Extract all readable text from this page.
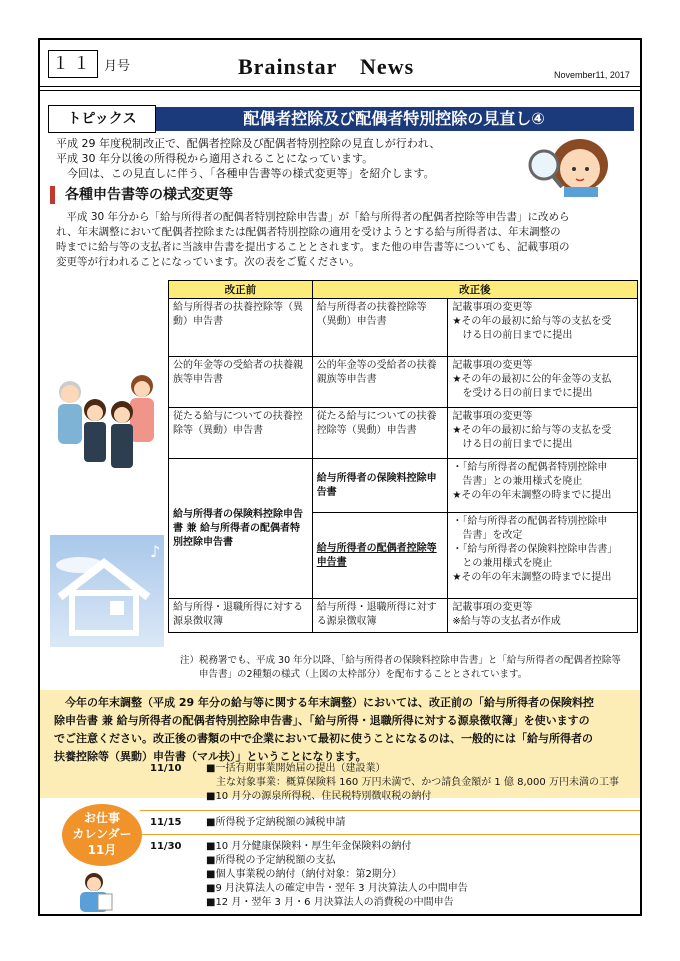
１１ 月号	Brainstar　News	November11, 2017
トピックス	配偶者控除及び配偶者特別控除の見直し④

平成 29 年度税制改正で、配偶者控除及び配偶者特別控除の見直しが行われ、

平成 30 年分以後の所得税から適用されることになっています。

　今回は、この見直しに伴う、「各種申告書等の様式変更等」を紹介します。

各種申告書等の様式変更等

　平成 30 年分から「給与所得者の配偶者特別控除申告書」が「給与所得者の配偶者控除等申告書」に改めら

れ、年末調整において配偶者控除または配偶者特別控除の適用を受けようとする給与所得者は、年末調整の

時までに給与等の支払者に当該申告書を提出することとされます。また他の申告書等についても、記載事項の

変更等が行われることになっています。次の表をご覧ください。

♪
改正前	改正後	
給与所得者の扶養控除等（異動）申告書	給与所得者の扶養控除等（異動）申告書	記載事項の変更等
★その年の最初に給与等の支払を受
　ける日の前日までに提出

公的年金等の受給者の扶養親族等申告書	公的年金等の受給者の扶養親族等申告書	記載事項の変更等
★その年の最初に公的年金等の支払
　を受ける日の前日までに提出

従たる給与についての扶養控除等（異動）申告書	従たる給与についての扶養控除等（異動）申告書	記載事項の変更等
★その年の最初に給与等の支払を受
　ける日の前日までに提出

給与所得者の保険料控除申告書 兼 給与所得者の配偶者特別控除申告書	給与所得者の保険料控除申告書	・「給与所得者の配偶者特別控除申
　告書」との兼用様式を廃止
★その年の年末調整の時までに提出

	給与所得者の配偶者控除等申告書	・「給与所得者の配偶者特別控除申
　告書」を改定
・「給与所得者の保険料控除申告書」
　との兼用様式を廃止
★その年の年末調整の時までに提出

給与所得・退職所得に対する源泉徴収簿	給与所得・退職所得に対する源泉徴収簿	記載事項の変更等
※給与等の支払者が作成

注）税務署でも、平成 30 年分以降、「給与所得者の保険料控除申告書」と「給与所得者の配偶者控除等

　　申告書」の2種類の様式（上図の太枠部分）を配布することとされています。

　今年の年末調整（平成 29 年分の給与等に関する年末調整）においては、改正前の「給与所得者の保険料控

除申告書 兼 給与所得者の配偶者特別控除申告書」、「給与所得・退職所得に対する源泉徴収簿」を使いますの

でご注意ください。改正後の書類の中で企業において最初に使うことになるのは、一般的には「給与所得者の

扶養控除等（異動）申告書（マル扶）」ということになります。

お仕事
カレンダー
11月
11/10 ■一括有期事業開始届の提出（建設業）

　主な対象事業：概算保険料 160 万円未満で、かつ請負金額が 1 億 8,000 万円未満の工事

■10 月分の源泉所得税、住民税特別徴収税の納付

11/15 ■所得税予定納税額の減税申請

11/30 ■10 月分健康保険料・厚生年金保険料の納付

■所得税の予定納税額の支払

■個人事業税の納付（納付対象：第2期分）

■9 月決算法人の確定申告・翌年 3 月決算法人の中間申告

■12 月・翌年 3 月・6 月決算法人の消費税の中間申告
